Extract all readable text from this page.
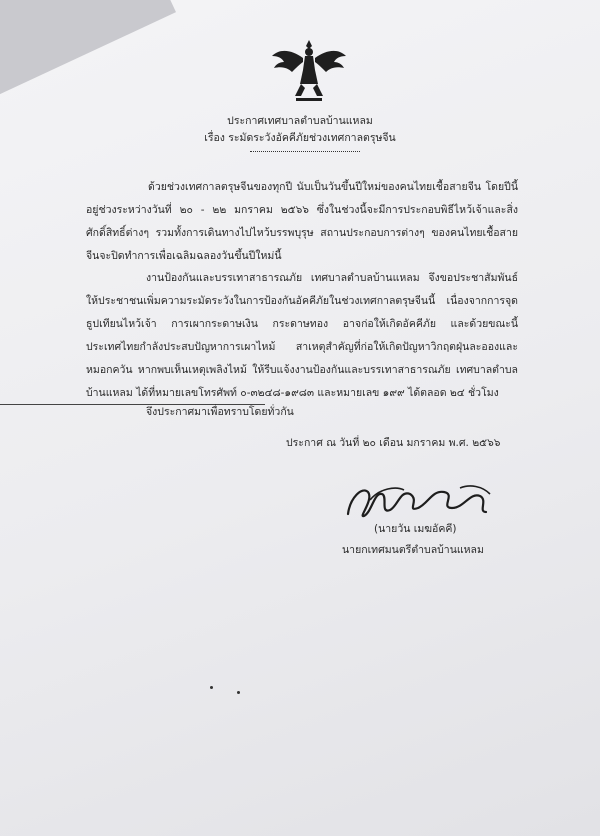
ประกาศเทศบาลตำบลบ้านแหลม
เรื่อง ระมัดระวังอัคคีภัยช่วงเทศกาลตรุษจีน
ด้วยช่วงเทศกาลตรุษจีนของทุกปี นับเป็นวันขึ้นปีใหม่ของคนไทยเชื้อสายจีน โดยปีนี้อยู่ช่วงระหว่างวันที่ ๒๐ - ๒๒ มกราคม ๒๕๖๖ ซึ่งในช่วงนี้จะมีการประกอบพิธีไหว้เจ้าและสิ่งศักดิ์สิทธิ์ต่างๆ รวมทั้งการเดินทางไปไหว้บรรพบุรุษ สถานประกอบการต่างๆ ของคนไทยเชื้อสายจีนจะปิดทำการเพื่อเฉลิมฉลองวันขึ้นปีใหม่นี้
งานป้องกันและบรรเทาสาธารณภัย เทศบาลตำบลบ้านแหลม จึงขอประชาสัมพันธ์ให้ประชาชนเพิ่มความระมัดระวังในการป้องกันอัคคีภัยในช่วงเทศกาลตรุษจีนนี้ เนื่องจากการจุดธูปเทียนไหว้เจ้า การเผากระดาษเงิน กระดาษทอง อาจก่อให้เกิดอัคคีภัย และด้วยขณะนี้ประเทศไทยกำลังประสบปัญหาการเผาไหม้ สาเหตุสำคัญที่ก่อให้เกิดปัญหาวิกฤตฝุ่นละอองและหมอกควัน หากพบเห็นเหตุเพลิงไหม้ ให้รีบแจ้งงานป้องกันและบรรเทาสาธารณภัย เทศบาลตำบลบ้านแหลม ได้ที่หมายเลขโทรศัพท์ ๐-๓๒๔๘-๑๙๘๓ และหมายเลข ๑๙๙ ได้ตลอด ๒๔ ชั่วโมง
จึงประกาศมาเพื่อทราบโดยทั่วกัน
ประกาศ ณ วันที่ ๒๐ เดือน มกราคม พ.ศ. ๒๕๖๖
(นายวัน เมฆอัคคี)
นายกเทศมนตรีตำบลบ้านแหลม
